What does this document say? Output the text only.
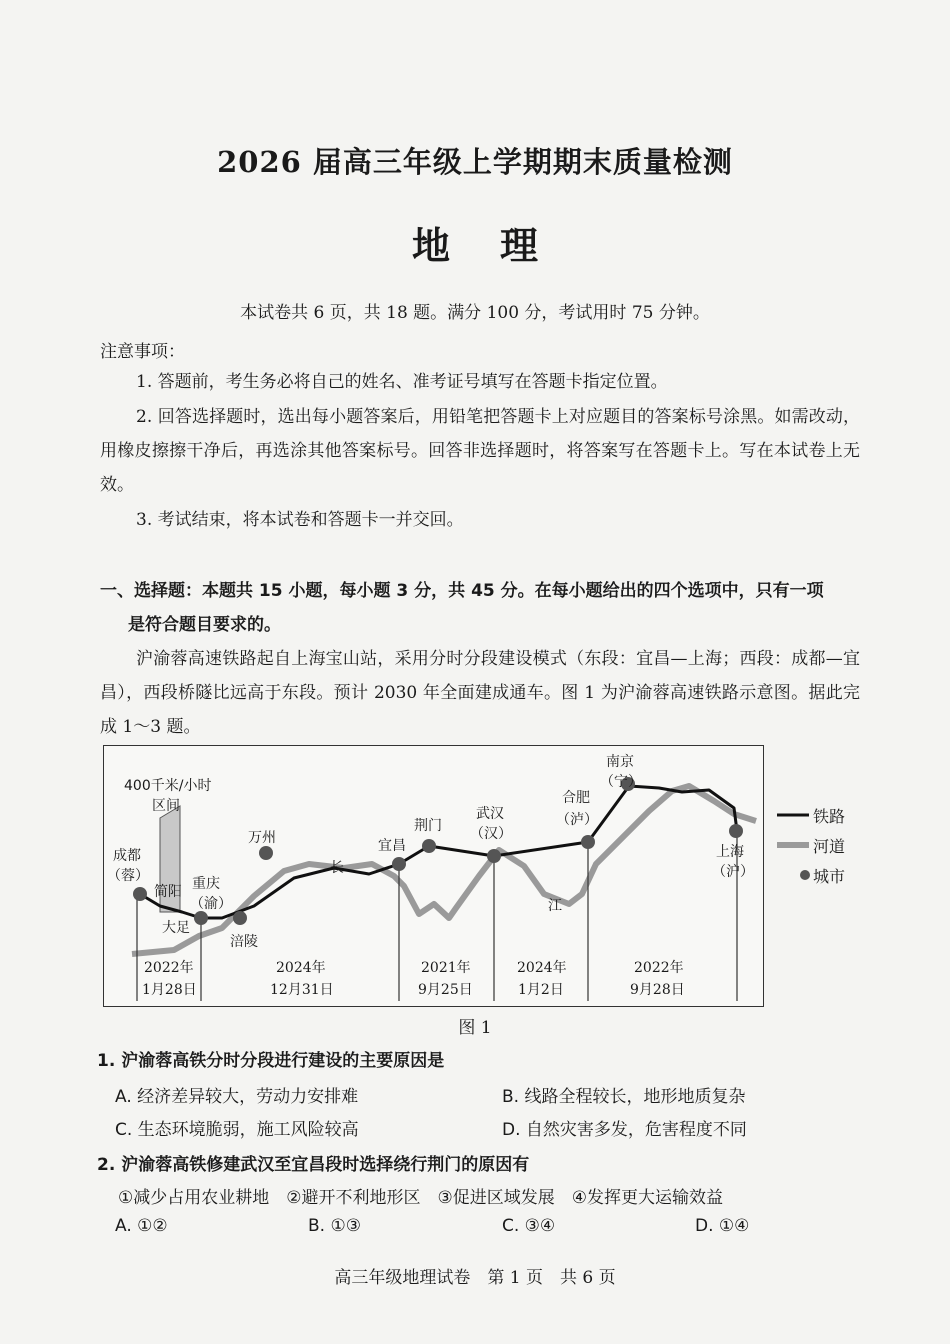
2026 届高三年级上学期期末质量检测
地理
本试卷共 6 页，共 18 题。满分 100 分，考试用时 75 分钟。
注意事项：
1. 答题前，考生务必将自己的姓名、准考证号填写在答题卡指定位置。
2. 回答选择题时，选出每小题答案后，用铅笔把答题卡上对应题目的答案标号涂黑。如需改动，用橡皮擦擦干净后，再选涂其他答案标号。回答非选择题时，将答案写在答题卡上。写在本试卷上无效。
3. 考试结束，将本试卷和答题卡一并交回。
一、选择题：本题共 15 小题，每小题 3 分，共 45 分。在每小题给出的四个选项中，只有一项
是符合题目要求的。
沪渝蓉高速铁路起自上海宝山站，采用分时分段建设模式（东段：宜昌—上海；西段：成都—宜昌），西段桥隧比远高于东段。预计 2030 年全面建成通车。图 1 为沪渝蓉高速铁路示意图。据此完成 1～3 题。
400千米/小时
区间
成都
（蓉）
简阳
大足
重庆
（渝）
涪陵
万州	宜昌
荆门
武汉
（汉）
合肥
（泸）
南京
（宁）
上海
（沪）
长
江
2022年
1月28日
2024年
12月31日
2021年
9月25日
2024年
1月2日
2022年
9月28日
铁路
河道
城市
图 1
1. 沪渝蓉高铁分时分段进行建设的主要原因是
A. 经济差异较大，劳动力安排难	B. 线路全程较长，地形地质复杂
C. 生态环境脆弱，施工风险较高	D. 自然灾害多发，危害程度不同
2. 沪渝蓉高铁修建武汉至宜昌段时选择绕行荆门的原因有
①减少占用农业耕地　②避开不利地形区　③促进区域发展　④发挥更大运输效益
A. ①②	B. ①③	C. ③④	D. ①④
高三年级地理试卷　第 1 页　共 6 页
